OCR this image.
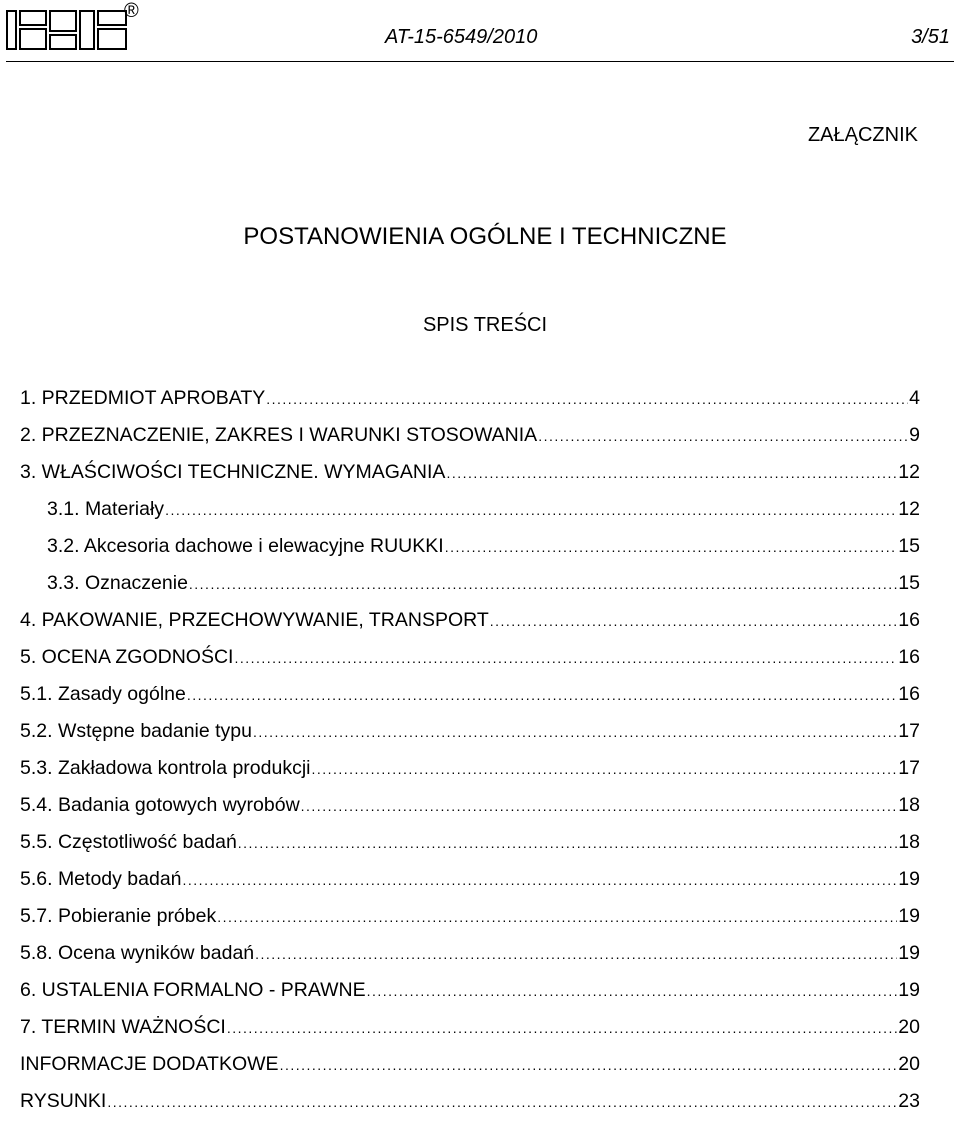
®
AT-15-6549/2010	3/51
ZAŁĄCZNIK
POSTANOWIENIA OGÓLNE I TECHNICZNE
SPIS TREŚCI
1. PRZEDMIOT APROBATY . . .	4
2. PRZEZNACZENIE, ZAKRES I WARUNKI STOSOWANIA . . .	9
3. WŁAŚCIWOŚCI TECHNICZNE. WYMAGANIA . . .	12
3.1. Materiały . . .	12
3.2. Akcesoria dachowe i elewacyjne RUUKKI . . .	15
3.3. Oznaczenie . . .	15
4. PAKOWANIE, PRZECHOWYWANIE, TRANSPORT . . .	16
5. OCENA ZGODNOŚCI . . .	16
5.1. Zasady ogólne . . .	16
5.2. Wstępne badanie typu . . .	17
5.3. Zakładowa kontrola produkcji . . .	17
5.4. Badania gotowych wyrobów . . .	18
5.5. Częstotliwość badań . . .	18
5.6. Metody badań . . .	19
5.7. Pobieranie próbek . . .	19
5.8. Ocena wyników badań . . .	19
6. USTALENIA FORMALNO - PRAWNE . . .	19
7. TERMIN WAŻNOŚCI . . .	20
INFORMACJE DODATKOWE . . .	20
RYSUNKI . . .	23
